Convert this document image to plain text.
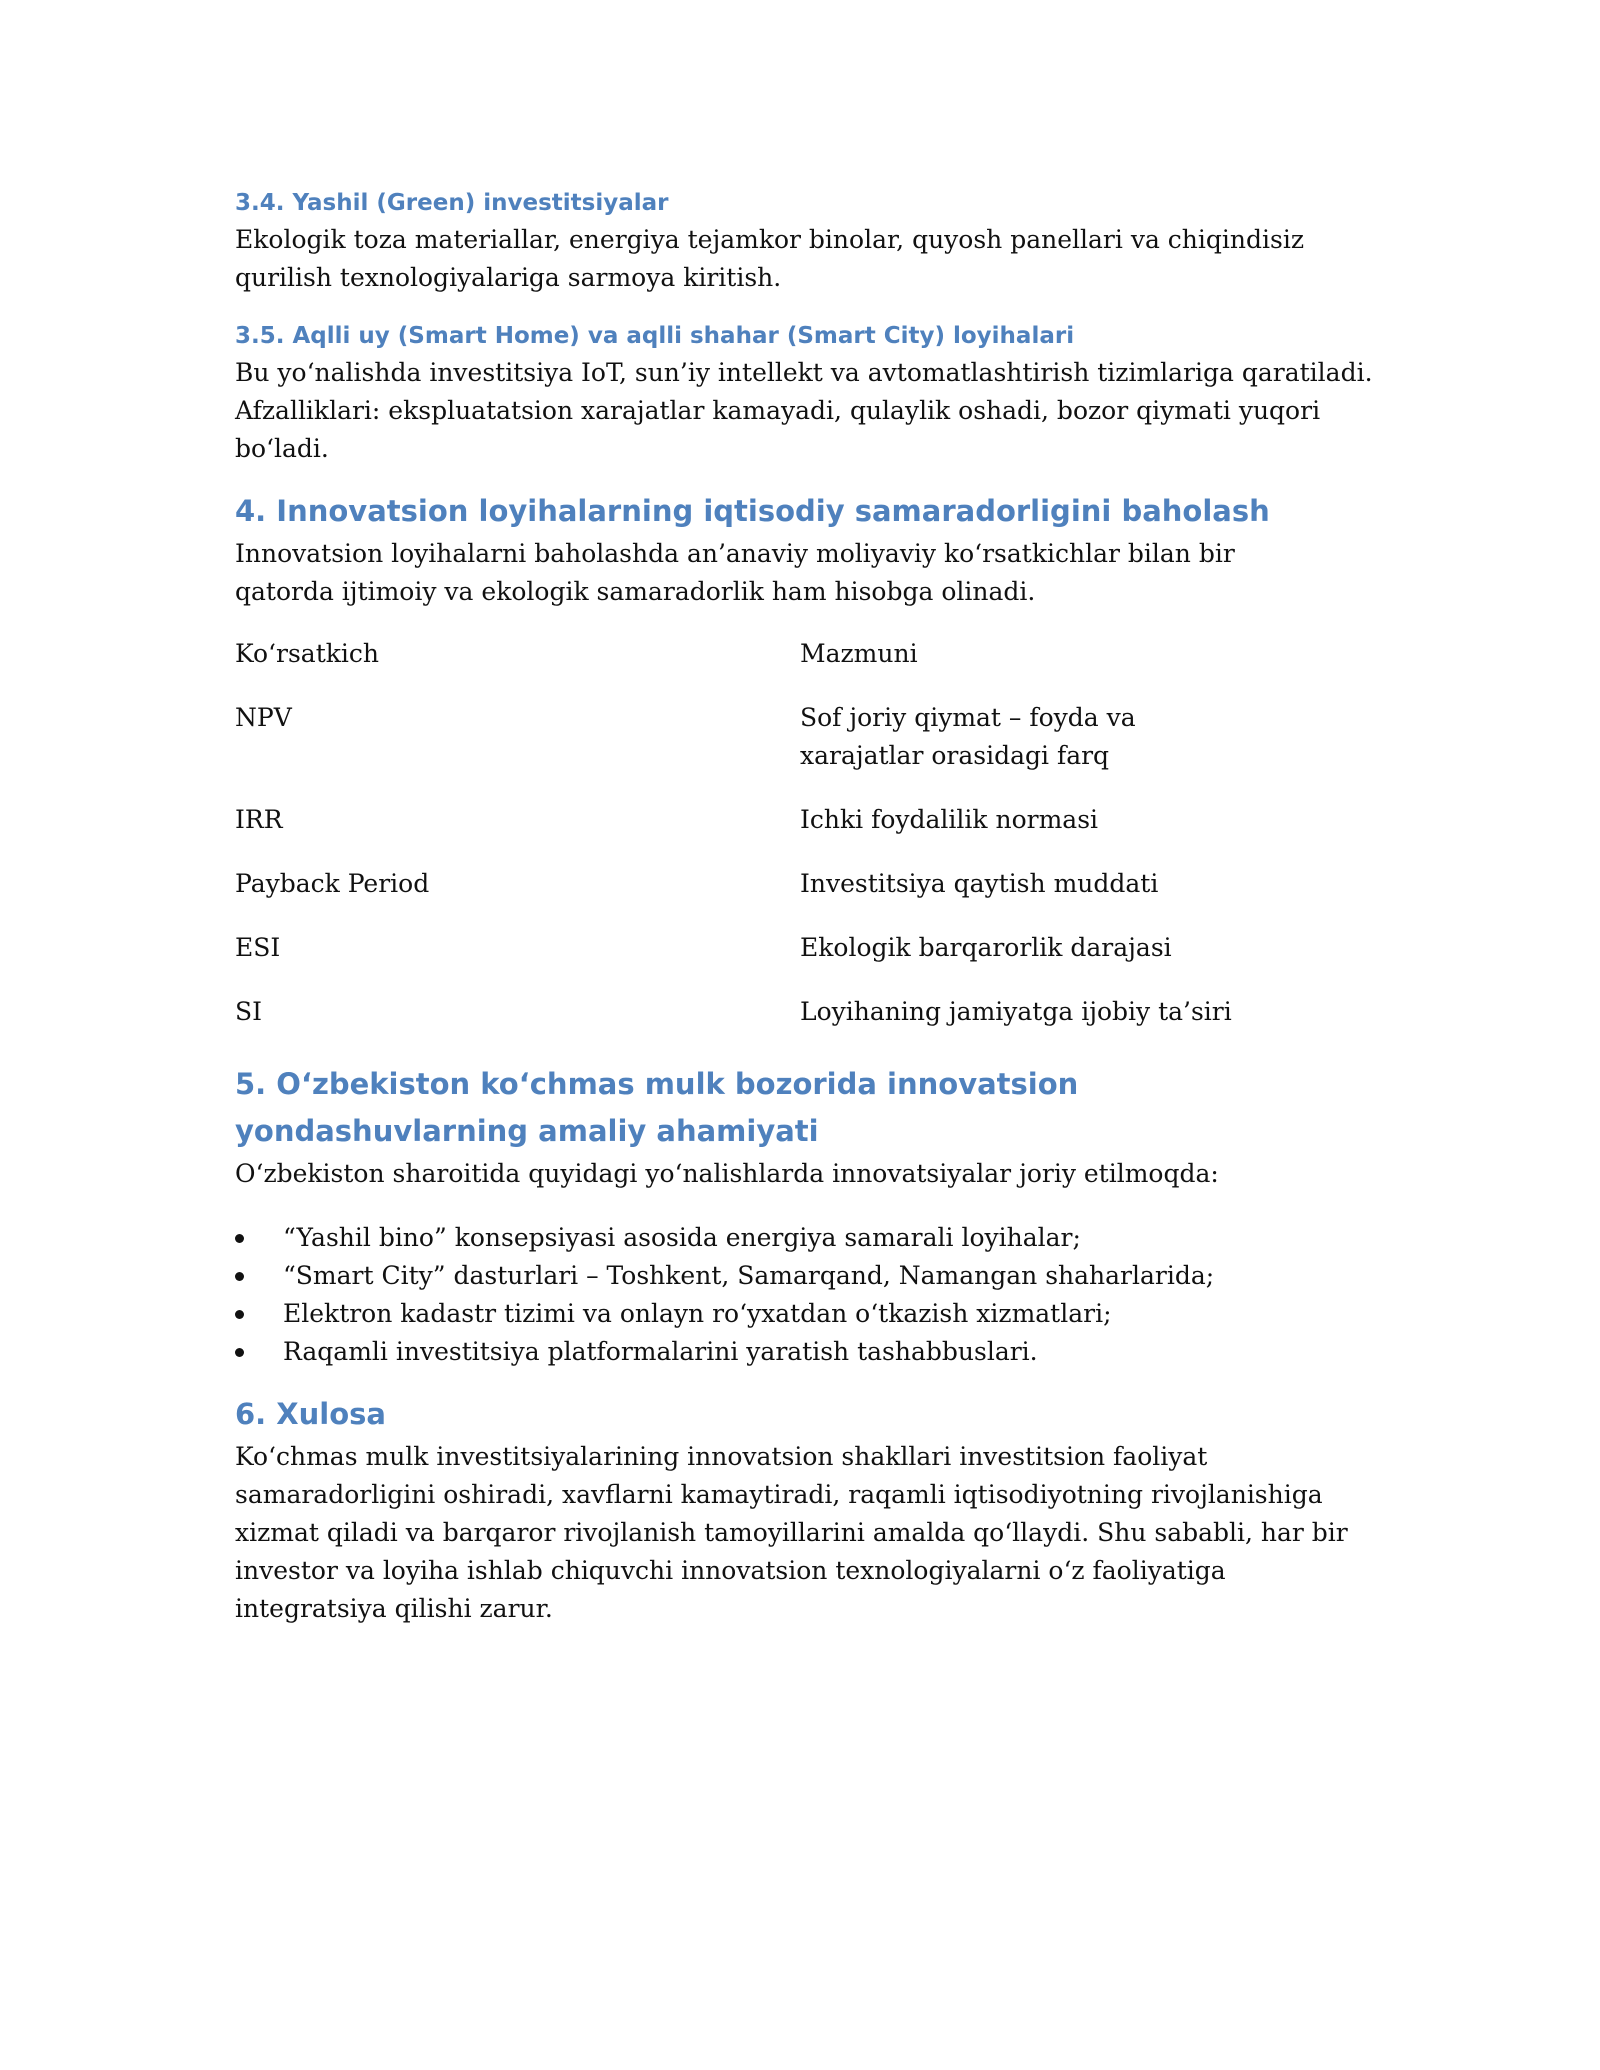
3.4. Yashil (Green) investitsiyalar

Ekologik toza materiallar, energiya tejamkor binolar, quyosh panellari va chiqindisiz qurilish texnologiyalariga sarmoya kiritish.

3.5. Aqlli uy (Smart Home) va aqlli shahar (Smart City) loyihalari

Bu yo‘nalishda investitsiya IoT, sun’iy intellekt va avtomatlashtirish tizimlariga qaratiladi.

Afzalliklari: ekspluatatsion xarajatlar kamayadi, qulaylik oshadi, bozor qiymati yuqori bo‘ladi.

4. Innovatsion loyihalarning iqtisodiy samaradorligini baholash

Innovatsion loyihalarni baholashda an’anaviy moliyaviy ko‘rsatkichlar bilan bir qatorda ijtimoiy va ekologik samaradorlik ham hisobga olinadi.

Ko‘rsatkich	Mazmuni
NPV	Sof joriy qiymat – foyda va xarajatlar orasidagi farq
IRR	Ichki foydalilik normasi
Payback Period	Investitsiya qaytish muddati
ESI	Ekologik barqarorlik darajasi
SI	Loyihaning jamiyatga ijobiy ta’siri
5. O‘zbekiston ko‘chmas mulk bozorida innovatsion yondashuvlarning amaliy ahamiyati

O‘zbekiston sharoitida quyidagi yo‘nalishlarda innovatsiyalar joriy etilmoqda:

“Yashil bino” konsepsiyasi asosida energiya samarali loyihalar;
“Smart City” dasturlari – Toshkent, Samarqand, Namangan shaharlarida;
Elektron kadastr tizimi va onlayn ro‘yxatdan o‘tkazish xizmatlari;
Raqamli investitsiya platformalarini yaratish tashabbuslari.
6. Xulosa

Ko‘chmas mulk investitsiyalarining innovatsion shakllari investitsion faoliyat samaradorligini oshiradi, xavflarni kamaytiradi, raqamli iqtisodiyotning rivojlanishiga xizmat qiladi va barqaror rivojlanish tamoyillarini amalda qo‘llaydi. Shu sababli, har bir investor va loyiha ishlab chiquvchi innovatsion texnologiyalarni o‘z faoliyatiga integratsiya qilishi zarur.
